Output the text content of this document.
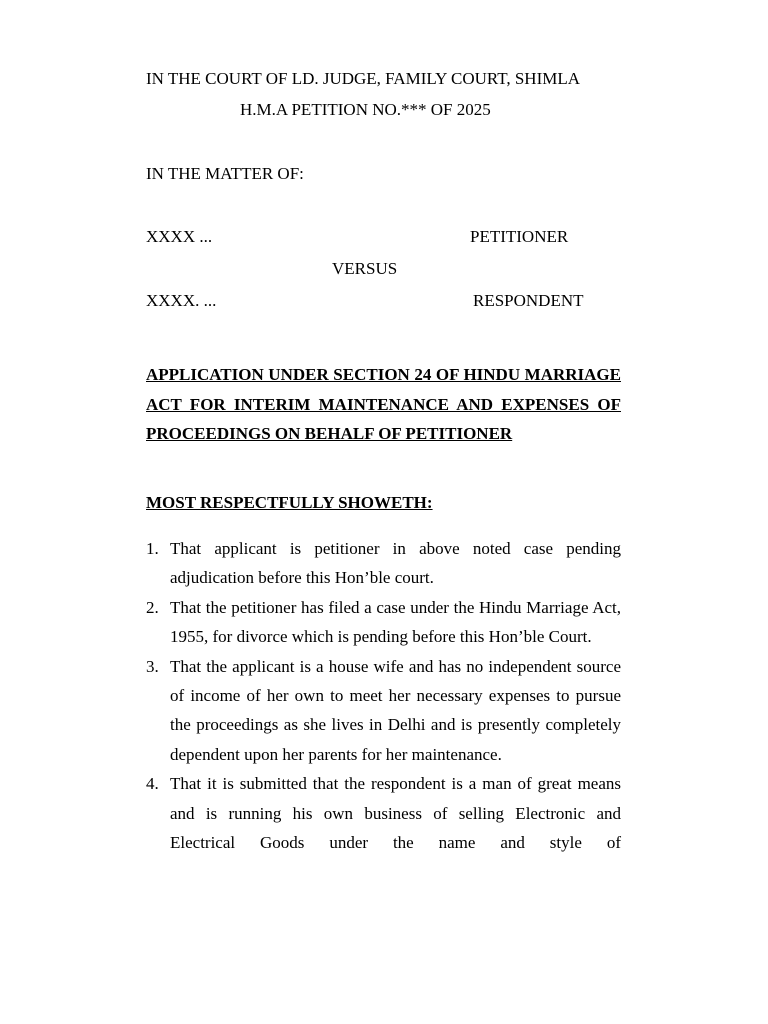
IN THE COURT OF LD. JUDGE, FAMILY COURT, SHIMLA
H.M.A PETITION NO.*** OF 2025
IN THE MATTER OF:
XXXX ...	PETITIONER
VERSUS
XXXX. ...	RESPONDENT
APPLICATION UNDER SECTION 24 OF HINDU MARRIAGE ACT FOR INTERIM MAINTENANCE AND EXPENSES OF PROCEEDINGS ON BEHALF OF PETITIONER
MOST RESPECTFULLY SHOWETH:
1. That applicant is petitioner in above noted case pending adjudication before this Hon’ble court.
2. That the petitioner has filed a case under the Hindu Marriage Act, 1955, for divorce which is pending before this Hon’ble Court.
3. That the applicant is a house wife and has no independent source of income of her own to meet her necessary expenses to pursue the proceedings as she lives in Delhi and is presently completely dependent upon her parents for her maintenance.
4. That it is submitted that the respondent is a man of great means and is running his own business of selling Electronic and Electrical Goods under the name and style of
